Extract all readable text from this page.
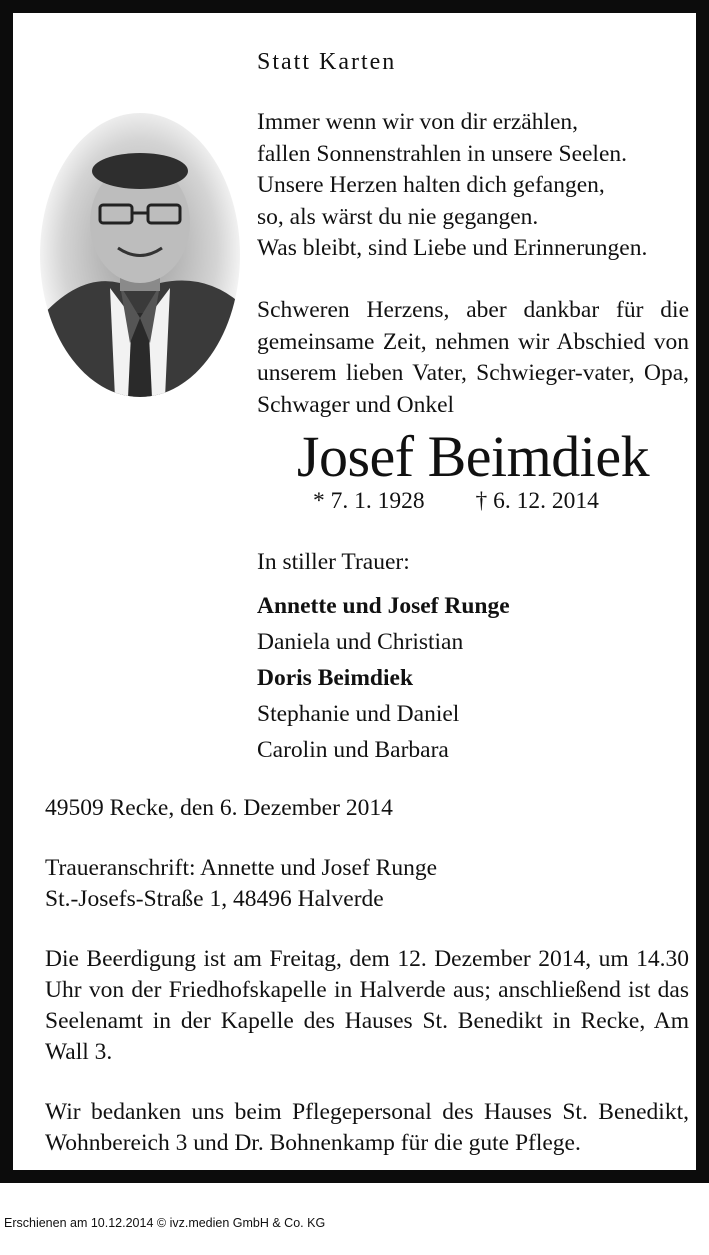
Statt Karten
Immer wenn wir von dir erzählen,
fallen Sonnenstrahlen in unsere Seelen.
Unsere Herzen halten dich gefangen,
so, als wärst du nie gegangen.
Was bleibt, sind Liebe und Erinnerungen.
Schweren Herzens, aber dankbar für die gemeinsame Zeit, nehmen wir Abschied von unserem lieben Vater, Schwieger-vater, Opa, Schwager und Onkel
Josef Beimdiek
* 7. 1. 1928 † 6. 12. 2014
In stiller Trauer:
Annette und Josef Runge
Daniela und Christian
Doris Beimdiek
Stephanie und Daniel
Carolin und Barbara
49509 Recke, den 6. Dezember 2014
Traueranschrift: Annette und Josef Runge
St.-Josefs-Straße 1, 48496 Halverde
Die Beerdigung ist am Freitag, dem 12. Dezember 2014, um 14.30 Uhr von der Friedhofskapelle in Halverde aus; anschließend ist das Seelenamt in der Kapelle des Hauses St. Benedikt in Recke, Am Wall 3.
Wir bedanken uns beim Pflegepersonal des Hauses St. Benedikt, Wohnbereich 3 und Dr. Bohnenkamp für die gute Pflege.
Erschienen am 10.12.2014 © ivz.medien GmbH & Co. KG
